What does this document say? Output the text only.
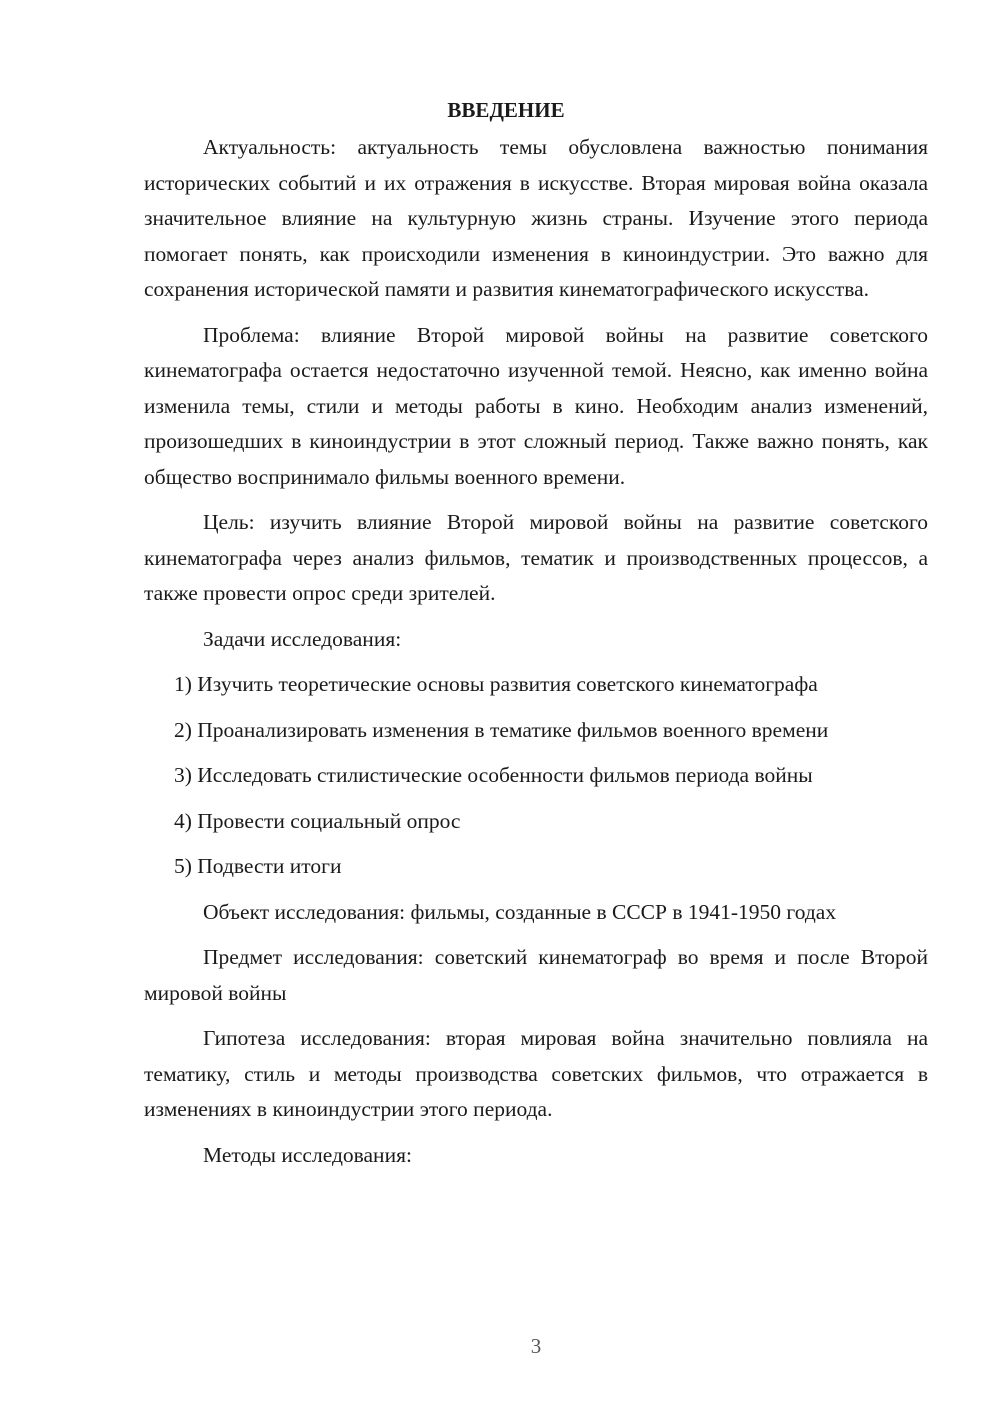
ВВЕДЕНИЕ

Актуальность: актуальность темы обусловлена важностью понимания исторических событий и их отражения в искусстве. Вторая мировая война оказала значительное влияние на культурную жизнь страны. Изучение этого периода помогает понять, как происходили изменения в киноиндустрии. Это важно для сохранения исторической памяти и развития кинематографического искусства.

Проблема: влияние Второй мировой войны на развитие советского кинематографа остается недостаточно изученной темой. Неясно, как именно война изменила темы, стили и методы работы в кино. Необходим анализ изменений, произошедших в киноиндустрии в этот сложный период. Также важно понять, как общество воспринимало фильмы военного времени.

Цель: изучить влияние Второй мировой войны на развитие советского кинематографа через анализ фильмов, тематик и производственных процессов, а также провести опрос среди зрителей.

Задачи исследования:

1) Изучить теоретические основы развития советского кинематографа

2) Проанализировать изменения в тематике фильмов военного времени

3) Исследовать стилистические особенности фильмов периода войны

4) Провести социальный опрос

5) Подвести итоги

Объект исследования: фильмы, созданные в СССР в 1941-1950 годах

Предмет исследования: советский кинематограф во время и после Второй мировой войны

Гипотеза исследования: вторая мировая война значительно повлияла на тематику, стиль и методы производства советских фильмов, что отражается в изменениях в киноиндустрии этого периода.

Методы исследования:

3
